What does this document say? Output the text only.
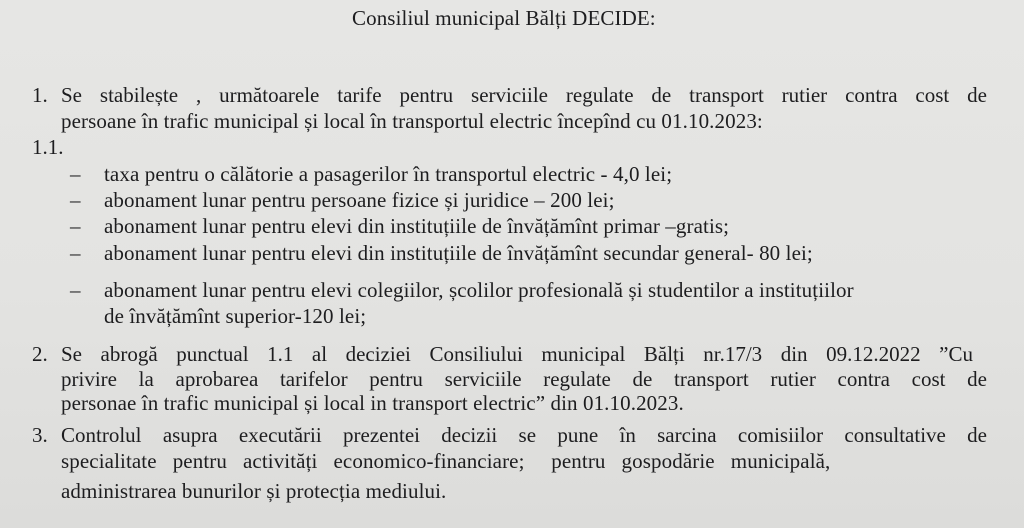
Consiliul municipal Bălți DECIDE:
1. Se stabilește , următoarele tarife pentru serviciile regulate de transport rutier contra cost de
persoane în trafic municipal și local în transportul electric începînd cu 01.10.2023:
1.1.
– taxa pentru o călătorie a pasagerilor în transportul electric - 4,0 lei;
– abonament lunar pentru persoane fizice și juridice – 200 lei;
– abonament lunar pentru elevi din instituțiile de învățămînt primar –gratis;
– abonament lunar pentru elevi din instituțiile de învățămînt secundar general- 80 lei;
– abonament lunar pentru elevi colegiilor, școlilor profesională și studentilor a instituțiilor
de învățămînt superior-120 lei;
2. Se abrogă punctual 1.1 al deciziei Consiliului municipal Bălți nr.17/3 din 09.12.2022 ”Cu
privire la aprobarea tarifelor pentru serviciile regulate de transport rutier contra cost de
personae în trafic municipal și local in transport electric” din 01.10.2023.
3. Controlul asupra executării prezentei decizii se pune în sarcina comisiilor consultative de
specialitate   pentru   activități   economico-financiare;     pentru   gospodărie   municipală,
administrarea bunurilor și protecția mediului.
